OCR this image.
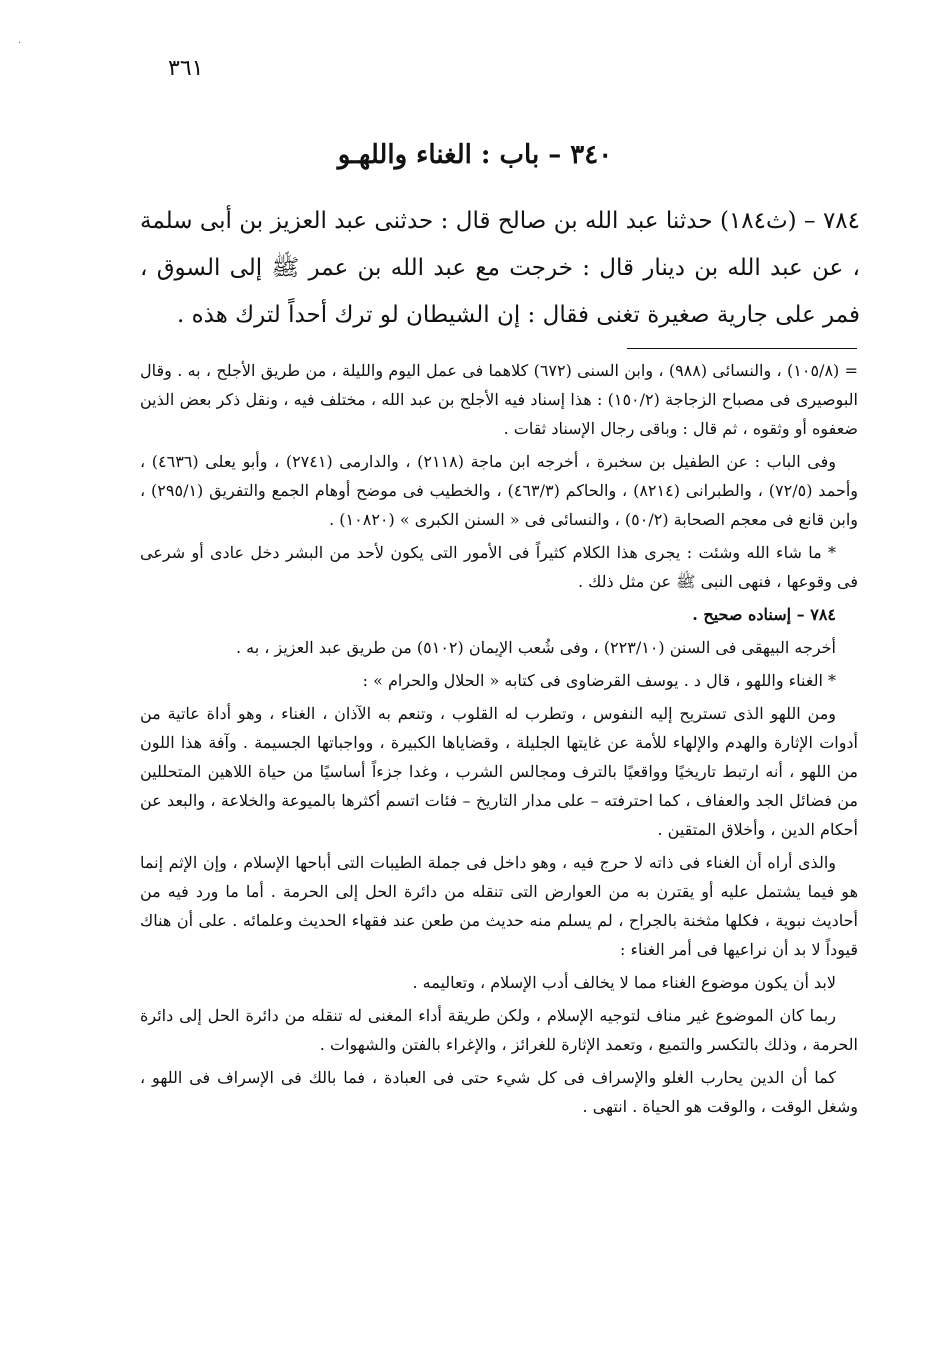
·
٣٦١
٣٤٠ – باب : الغناء واللهـو

٧٨٤ – (ث١٨٤) حدثنا عبد الله بن صالح قال : حدثنى عبد العزيز بن أبى سلمة ، عن عبد الله بن دينار قال : خرجت مع عبد الله بن عمر ﷺ إلى السوق ، فمر على جارية صغيرة تغنى فقال : إن الشيطان لو ترك أحداً لترك هذه .

= (١٠٥/٨) ، والنسائى (٩٨٨) ، وابن السنى (٦٧٢) كلاهما فى عمل اليوم والليلة ، من طريق الأجلح ، به . وقال البوصيرى فى مصباح الزجاجة (١٥٠/٢) : هذا إسناد فيه الأجلح بن عبد الله ، مختلف فيه ، ونقل ذكر بعض الذين ضعفوه أو وثقوه ، ثم قال : وباقى رجال الإسناد ثقات .

وفى الباب : عن الطفيل بن سخبرة ، أخرجه ابن ماجة (٢١١٨) ، والدارمى (٢٧٤١) ، وأبو يعلى (٤٦٣٦) ، وأحمد (٧٢/٥) ، والطبرانى (٨٢١٤) ، والحاكم (٤٦٣/٣) ، والخطيب فى موضح أوهام الجمع والتفريق (٢٩٥/١) ، وابن قانع فى معجم الصحابة (٥٠/٢) ، والنسائى فى « السنن الكبرى » (١٠٨٢٠) .

* ما شاء الله وشئت : يجرى هذا الكلام كثيراً فى الأمور التى يكون لأحد من البشر دخل عادى أو شرعى فى وقوعها ، فنهى النبى ﷺ عن مثل ذلك .

٧٨٤ – إسناده صحيح .

أخرجه البيهقى فى السنن (٢٢٣/١٠) ، وفى شُعب الإيمان (٥١٠٢) من طريق عبد العزيز ، به .

* الغناء واللهو ، قال د . يوسف القرضاوى فى كتابه « الحلال والحرام » :

ومن اللهو الذى تستريح إليه النفوس ، وتطرب له القلوب ، وتنعم به الآذان ، الغناء ، وهو أداة عاتية من أدوات الإثارة والهدم والإلهاء للأمة عن غايتها الجليلة ، وقضاياها الكبيرة ، وواجباتها الجسيمة . وآفة هذا اللون من اللهو ، أنه ارتبط تاريخيًا وواقعيًا بالترف ومجالس الشرب ، وغدا جزءاً أساسيًا من حياة اللاهين المتحللين من فضائل الجد والعفاف ، كما احترفته – على مدار التاريخ – فئات اتسم أكثرها بالميوعة والخلاعة ، والبعد عن أحكام الدين ، وأخلاق المتقين .

والذى أراه أن الغناء فى ذاته لا حرج فيه ، وهو داخل فى جملة الطيبات التى أباحها الإسلام ، وإن الإثم إنما هو فيما يشتمل عليه أو يقترن به من العوارض التى تنقله من دائرة الحل إلى الحرمة . أما ما ورد فيه من أحاديث نبوية ، فكلها مثخنة بالجراح ، لم يسلم منه حديث من طعن عند فقهاء الحديث وعلمائه . على أن هناك قيوداً لا بد أن نراعيها فى أمر الغناء :

لابد أن يكون موضوع الغناء مما لا يخالف أدب الإسلام ، وتعاليمه .

ربما كان الموضوع غير مناف لتوجيه الإسلام ، ولكن طريقة أداء المغنى له تنقله من دائرة الحل إلى دائرة الحرمة ، وذلك بالتكسر والتميع ، وتعمد الإثارة للغرائز ، والإغراء بالفتن والشهوات .

كما أن الدين يحارب الغلو والإسراف فى كل شيء حتى فى العبادة ، فما بالك فى الإسراف فى اللهو ، وشغل الوقت ، والوقت هو الحياة . انتهى .
